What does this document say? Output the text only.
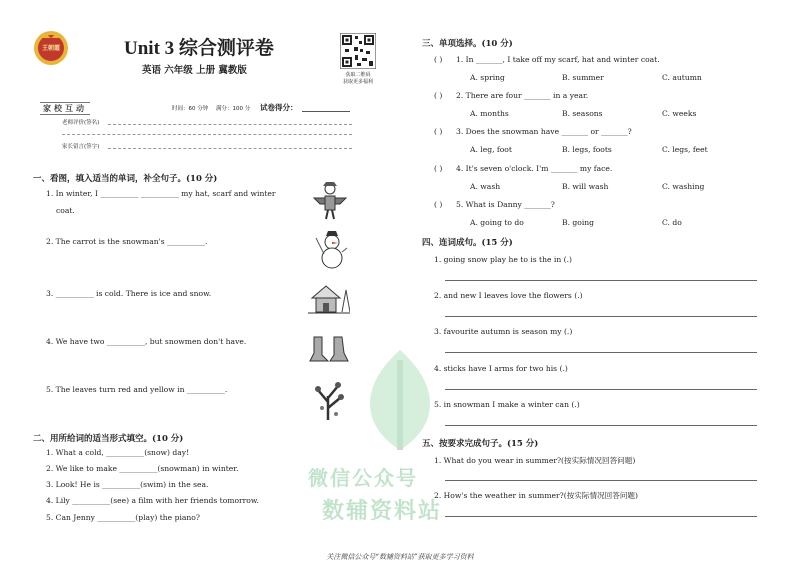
微信公众号
数辅资料站
王朝霞	Unit 3 综合测评卷
英语 六年级 上册 冀教版	获取二维码
获取更多福利
家校互动	时间：60 分钟 满分：100 分 试卷得分：
老师评价(签名)
家长留言(签字)
一、看图，填入适当的单词，补全句子。(10 分)
1. In winter, I __________ __________ my hat, scarf and winter
coat.
2. The carrot is the snowman's __________.
3. __________ is cold. There is ice and snow.
4. We have two __________, but snowmen don't have.
5. The leaves turn red and yellow in __________.
二、用所给词的适当形式填空。(10 分)
1. What a cold, __________(snow) day!
2. We like to make __________(snowman) in winter.
3. Look! He is __________(swim) in the sea.
4. Lily __________(see) a film with her friends tomorrow.
5. Can Jenny __________(play) the piano?
三、单项选择。(10 分)
( ) 1. In _______, I take off my scarf, hat and winter coat.
A. spring	B. summer	C. autumn
( ) 2. There are four _______ in a year.
A. months	B. seasons	C. weeks
( ) 3. Does the snowman have _______ or _______?
A. leg, foot	B. legs, foots	C. legs, feet
( ) 4. It's seven o'clock. I'm _______ my face.
A. wash	B. will wash	C. washing
( ) 5. What is Danny _______?
A. going to do	B. going	C. do
四、连词成句。(15 分)
1. going snow play he to is the in (.)
2. and new I leaves love the flowers (.)
3. favourite autumn is season my (.)
4. sticks have I arms for two his (.)
5. in snowman I make a winter can (.)
五、按要求完成句子。(15 分)
1. What do you wear in summer?(按实际情况回答问题)
2. How's the weather in summer?(按实际情况回答问题)
关注微信公众号“数辅资料站”获取更多学习资料
